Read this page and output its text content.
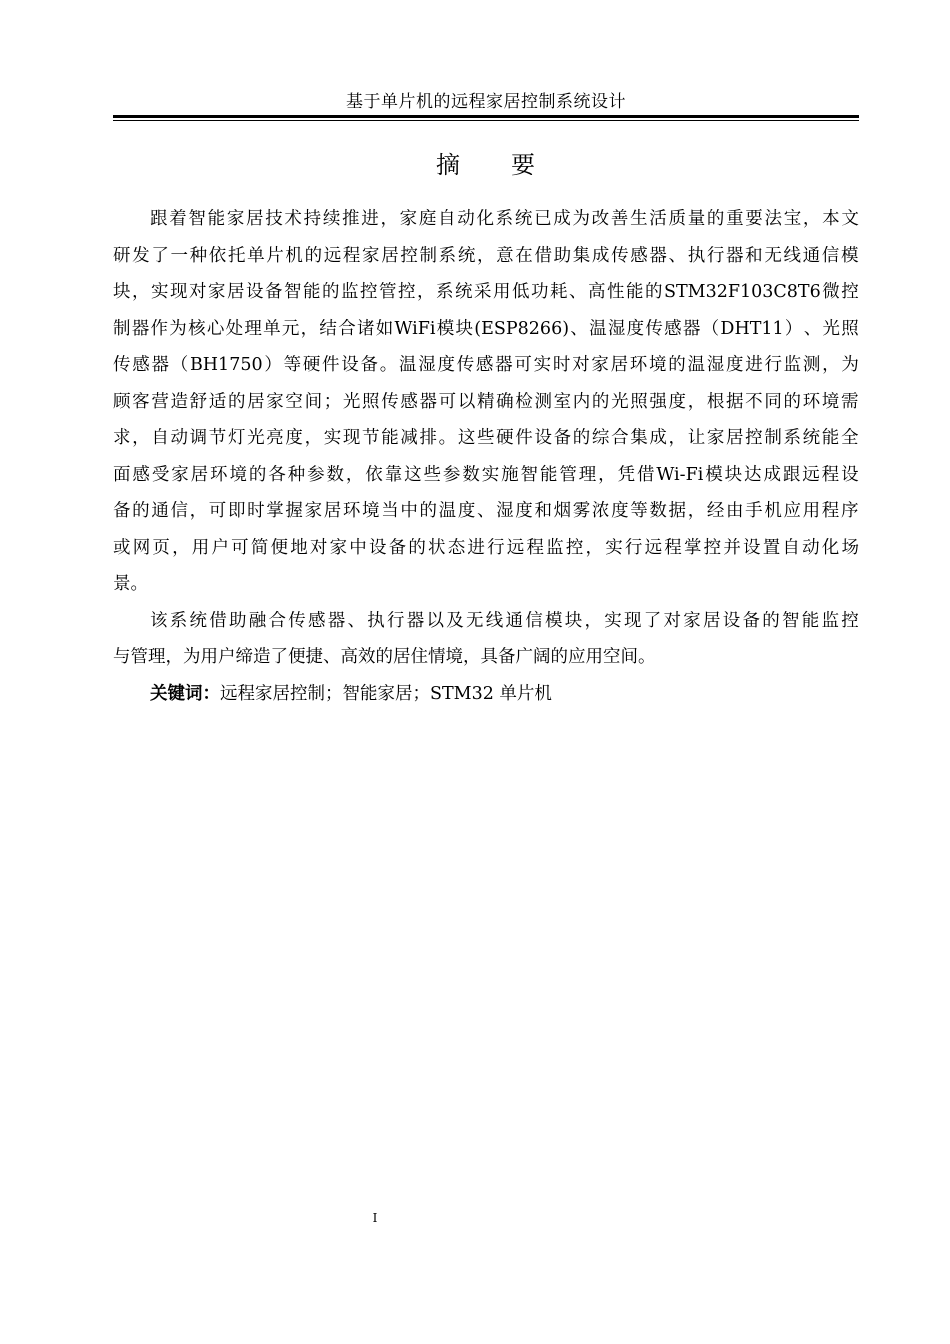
基于单片机的远程家居控制系统设计
摘 要
跟 着 智 能 家 居 技 术 持 续 推 进 ， 家 庭 自 动 化 系 统 已 成 为 改 善 生 活 质 量 的 重 要 法 宝 ， 本 文
研 发 了 一 种 依 托 单 片 机 的 远 程 家 居 控 制 系 统 ， 意 在 借 助 集 成 传 感 器 、 执 行 器 和 无 线 通 信 模
块 ， 实 现 对 家 居 设 备 智 能 的 监 控 管 控 ， 系 统 采 用 低 功 耗 、 高 性 能 的 STM32F103C8T6 微 控
制 器 作 为 核 心 处 理 单 元 ， 结 合 诸 如 WiFi 模 块 (ESP8266) 、 温 湿 度 传 感 器 （ DHT11 ） 、 光 照
传 感 器 （ BH1750 ） 等 硬 件 设 备 。 温 湿 度 传 感 器 可 实 时 对 家 居 环 境 的 温 湿 度 进 行 监 测 ， 为
顾 客 营 造 舒 适 的 居 家 空 间 ； 光 照 传 感 器 可 以 精 确 检 测 室 内 的 光 照 强 度 ， 根 据 不 同 的 环 境 需
求 ， 自 动 调 节 灯 光 亮 度 ， 实 现 节 能 减 排 。 这 些 硬 件 设 备 的 综 合 集 成 ， 让 家 居 控 制 系 统 能 全
面 感 受 家 居 环 境 的 各 种 参 数 ， 依 靠 这 些 参 数 实 施 智 能 管 理 ， 凭 借 Wi-Fi 模 块 达 成 跟 远 程 设
备 的 通 信 ， 可 即 时 掌 握 家 居 环 境 当 中 的 温 度 、 湿 度 和 烟 雾 浓 度 等 数 据 ， 经 由 手 机 应 用 程 序
或 网 页 ， 用 户 可 简 便 地 对 家 中 设 备 的 状 态 进 行 远 程 监 控 ， 实 行 远 程 掌 控 并 设 置 自 动 化 场
景。
该 系 统 借 助 融 合 传 感 器 、 执 行 器 以 及 无 线 通 信 模 块 ， 实 现 了 对 家 居 设 备 的 智 能 监 控
与管理，为用户缔造了便捷、高效的居住情境，具备广阔的应用空间。
关键词：远程家居控制；智能家居；STM32 单片机
I
